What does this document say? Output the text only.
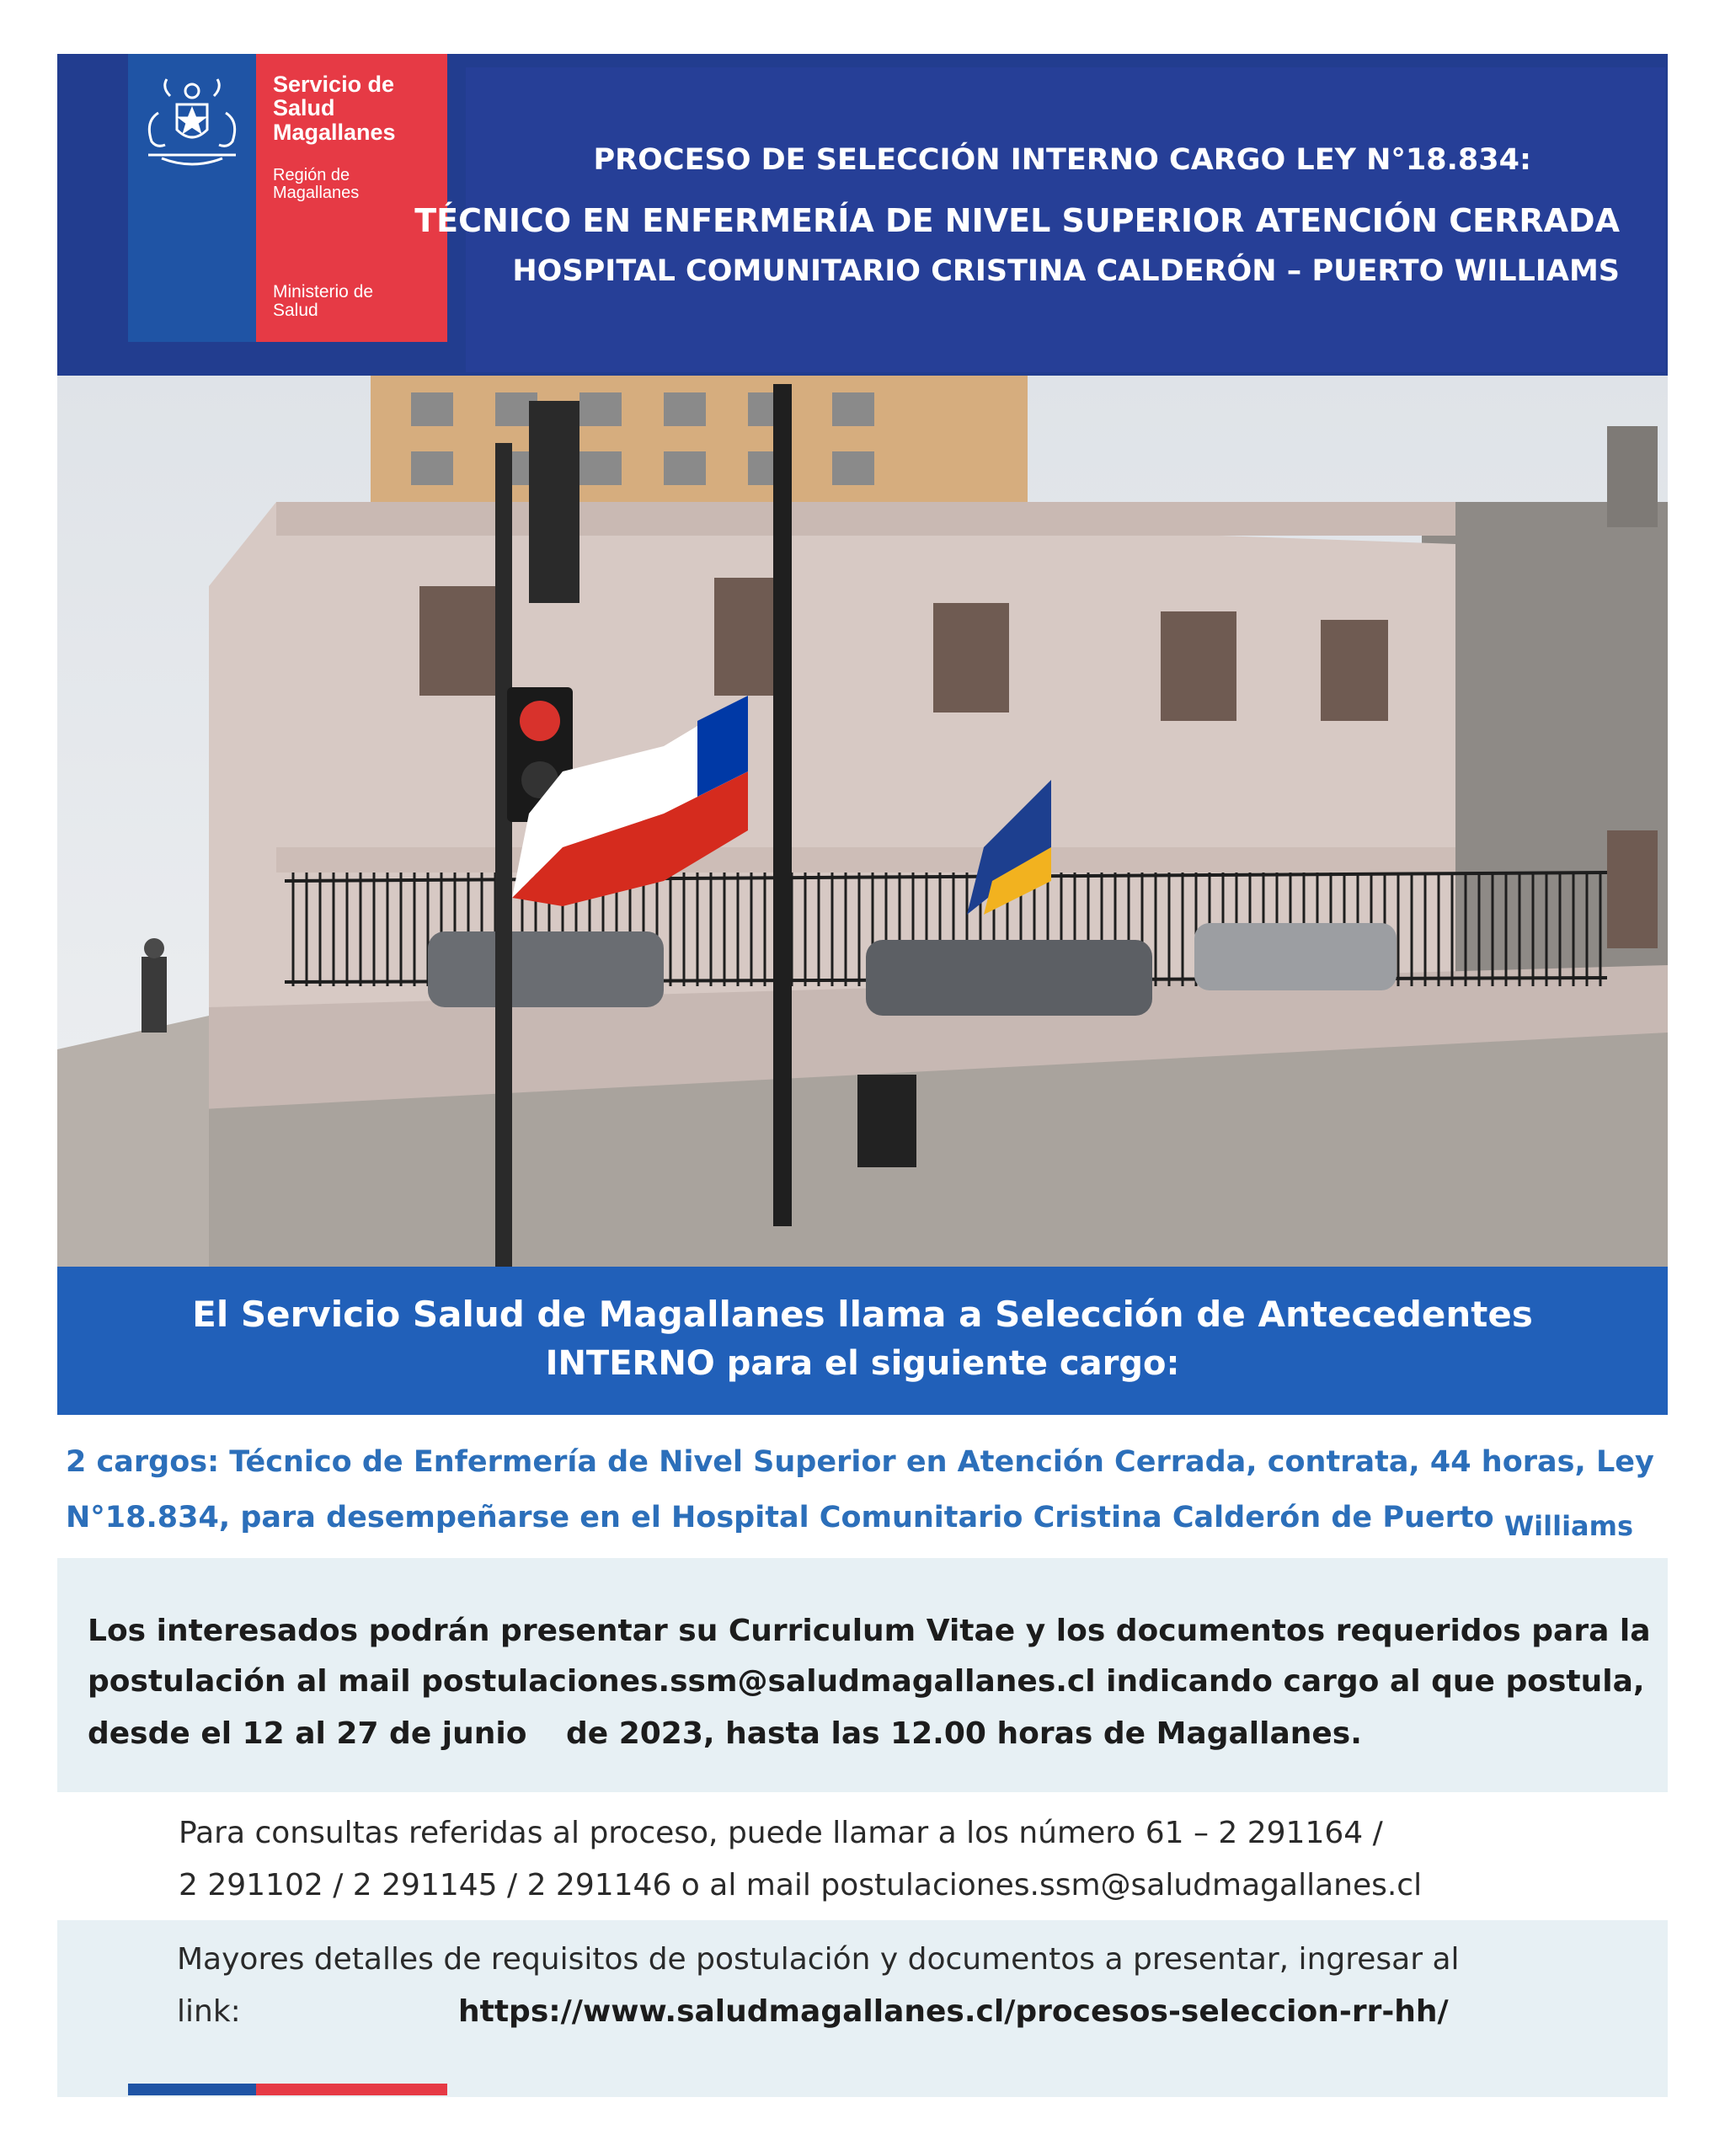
Servicio de
Salud
Magallanes
Región de
Magallanes
Ministerio de
Salud
PROCESO DE SELECCIÓN INTERNO CARGO LEY N°18.834:
TÉCNICO EN ENFERMERÍA DE NIVEL SUPERIOR ATENCIÓN CERRADA
HOSPITAL COMUNITARIO CRISTINA CALDERÓN – PUERTO WILLIAMS
El Servicio Salud de Magallanes llama a Selección de Antecedentes
INTERNO para el siguiente cargo:
2 cargos: Técnico de Enfermería de Nivel Superior en Atención Cerrada, contrata, 44 horas, Ley
N°18.834, para desempeñarse en el Hospital Comunitario Cristina Calderón de Puerto Williams
Los interesados podrán presentar su Curriculum Vitae y los documentos requeridos para la
postulación al mail postulaciones.ssm@saludmagallanes.cl indicando cargo al que postula,
desde el 12 al 27 de junio de 2023, hasta las 12.00 horas de Magallanes.
Para consultas referidas al proceso, puede llamar a los número 61 – 2 291164 /
2 291102 / 2 291145 / 2 291146 o al mail postulaciones.ssm@saludmagallanes.cl
Mayores detalles de requisitos de postulación y documentos a presentar, ingresar al
link:	https://www.saludmagallanes.cl/procesos-seleccion-rr-hh/
